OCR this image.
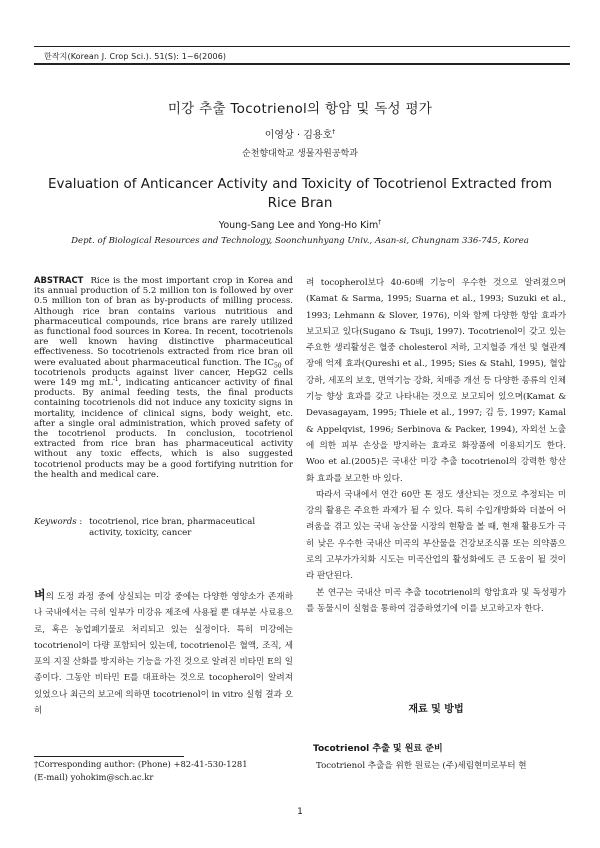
한작지(Korean J. Crop Sci.). 51(S): 1~6(2006)
미강 추출 Tocotrienol의 항암 및 독성 평가
이영상 · 김용호†
순천향대학교 생물자원공학과
Evaluation of Anticancer Activity and Toxicity of Tocotrienol Extracted from Rice Bran
Young-Sang Lee and Yong-Ho Kim†
Dept. of Biological Resources and Technology, Soonchunhyang Univ., Asan-si, Chungnam 336-745, Korea
ABSTRACT Rice is the most important crop in Korea and its annual production of 5.2 million ton is followed by over 0.5 million ton of bran as by-products of milling process. Although rice bran contains various nutritious and pharmaceutical compounds, rice brans are rarely utilized as functional food sources in Korea. In recent, tocotrienols are well known having distinctive pharmaceutical effectiveness. So tocotrienols extracted from rice bran oil were evaluated about pharmaceutical function. The $IC_{50}$ of tocotrienols products against liver cancer, HepG2 cells were 149 mg $mL^{-1}$, indicating anticancer activity of final products. By animal feeding tests, the final products containing tocotrienols did not induce any toxicity signs in mortality, incidence of clinical signs, body weight, etc. after a single oral administration, which proved safety of the tocotrienol products. In conclusion, tocotrienol extracted from rice bran has pharmaceutical activity without any toxic effects, which is also suggested tocotrienol products may be a good fortifying nutrition for the health and medical care.
Keywords : tocotrienol, rice bran, pharmaceutical activity, toxicity, cancer
벼의 도정 과정 중에 상실되는 미강 중에는 다양한 영양소가 존재하나 국내에서는 극히 일부가 미강유 제조에 사용될 뿐 대부분 사료용으로, 혹은 농업폐기물로 처리되고 있는 실정이다. 특히 미강에는 tocotrienol이 다량 포함되어 있는데, tocotrienol은 혈액, 조직, 세포의 지질 산화를 방지하는 기능을 가진 것으로 알려진 비타민 E의 일종이다. 그동안 비타민 E를 대표하는 것으로 tocopherol이 알려져 있었으나 최근의 보고에 의하면 tocotrienol이 in vitro 실험 결과 오히
†Corresponding author: (Phone) +82-41-530-1281
(E-mail) yohokim@sch.ac.kr

려 tocopherol보다 40-60배 기능이 우수한 것으로 알려졌으며(Kamat & Sarma, 1995; Suarna et al., 1993; Suzuki et al., 1993; Lehmann & Slover, 1976), 이와 함께 다양한 항암 효과가 보고되고 있다(Sugano & Tsuji, 1997). Tocotrienol이 갖고 있는 주요한 생리활성은 혈중 cholesterol 저하, 고지혈증 개선 및 혈관계 장애 억제 효과(Qureshi et al., 1995; Sies & Stahl, 1995), 혈압 강하, 세포의 보호, 면역기능 강화, 치매증 개선 등 다양한 종류의 인체 기능 향상 효과를 갖고 나타내는 것으로 보고되어 있으며(Kamat & Devasagayam, 1995; Thiele et al., 1997; 김 등, 1997; Kamal & Appelqvist, 1996; Serbinova & Packer, 1994), 자외선 노출에 의한 피부 손상을 방지하는 효과로 화장품에 이용되기도 한다. Woo et al.(2005)은 국내산 미강 추출 tocotrienol의 강력한 항산화 효과를 보고한 바 있다.

따라서 국내에서 연간 60만 톤 정도 생산되는 것으로 추정되는 미강의 활용은 주요한 과제가 될 수 있다. 특히 수입개방화와 더불어 어려움을 겪고 있는 국내 농산물 시장의 현황을 볼 때, 현재 활용도가 극히 낮은 우수한 국내산 미곡의 부산물을 건강보조식품 또는 의약품으로의 고부가가치화 시도는 미곡산업의 활성화에도 큰 도움이 될 것이라 판단된다.

본 연구는 국내산 미곡 추출 tocotrienol의 항암효과 및 독성평가를 동물시이 실험을 통하여 검증하였기에 이를 보고하고자 한다.

재료 및 방법
Tocotrienol 추출 및 원료 준비
Tocotrienol 추출을 위한 원료는 (주)세림현미로부터 현
1
